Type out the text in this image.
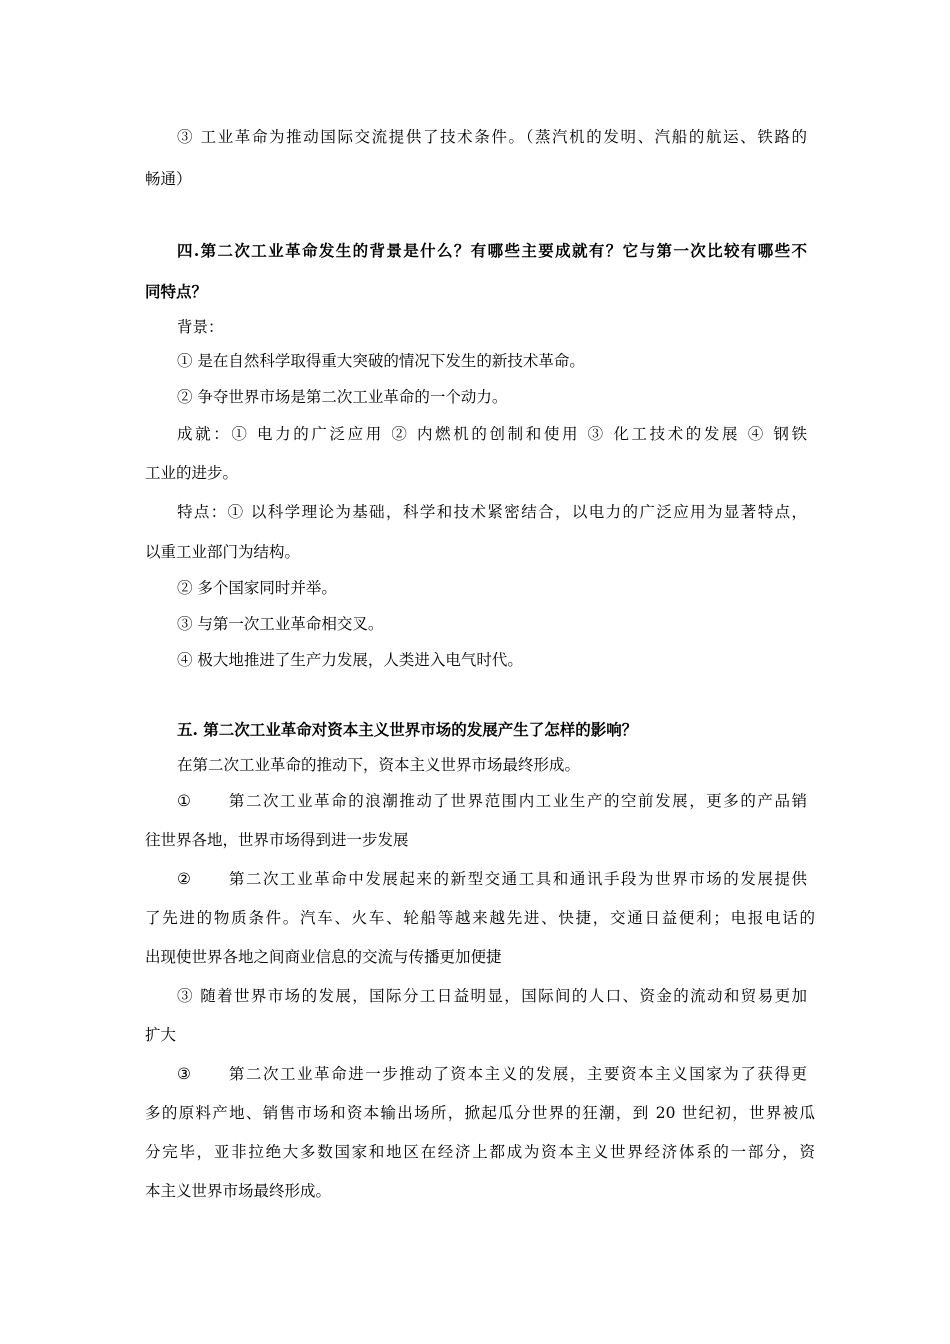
③ 工业革命为推动国际交流提供了技术条件。（蒸汽机的发明、汽船的航运、铁路的
畅通）
四.第二次工业革命发生的背景是什么？有哪些主要成就有？它与第一次比较有哪些不
同特点？
背景：
① 是在自然科学取得重大突破的情况下发生的新技术革命。
② 争夺世界市场是第二次工业革命的一个动力。
成就：① 电力的广泛应用 ② 内燃机的创制和使用 ③ 化工技术的发展 ④ 钢铁
工业的进步。
特点：① 以科学理论为基础，科学和技术紧密结合，以电力的广泛应用为显著特点，
以重工业部门为结构。
② 多个国家同时并举。
③ 与第一次工业革命相交叉。
④ 极大地推进了生产力发展，人类进入电气时代。
五. 第二次工业革命对资本主义世界市场的发展产生了怎样的影响？
在第二次工业革命的推动下，资本主义世界市场最终形成。
① 第二次工业革命的浪潮推动了世界范围内工业生产的空前发展，更多的产品销
往世界各地，世界市场得到进一步发展
② 第二次工业革命中发展起来的新型交通工具和通讯手段为世界市场的发展提供
了先进的物质条件。汽车、火车、轮船等越来越先进、快捷，交通日益便利；电报电话的
出现使世界各地之间商业信息的交流与传播更加便捷
③ 随着世界市场的发展，国际分工日益明显，国际间的人口、资金的流动和贸易更加
扩大
③ 第二次工业革命进一步推动了资本主义的发展，主要资本主义国家为了获得更
多的原料产地、销售市场和资本输出场所，掀起瓜分世界的狂潮，到 20 世纪初，世界被瓜
分完毕，亚非拉绝大多数国家和地区在经济上都成为资本主义世界经济体系的一部分，资
本主义世界市场最终形成。
